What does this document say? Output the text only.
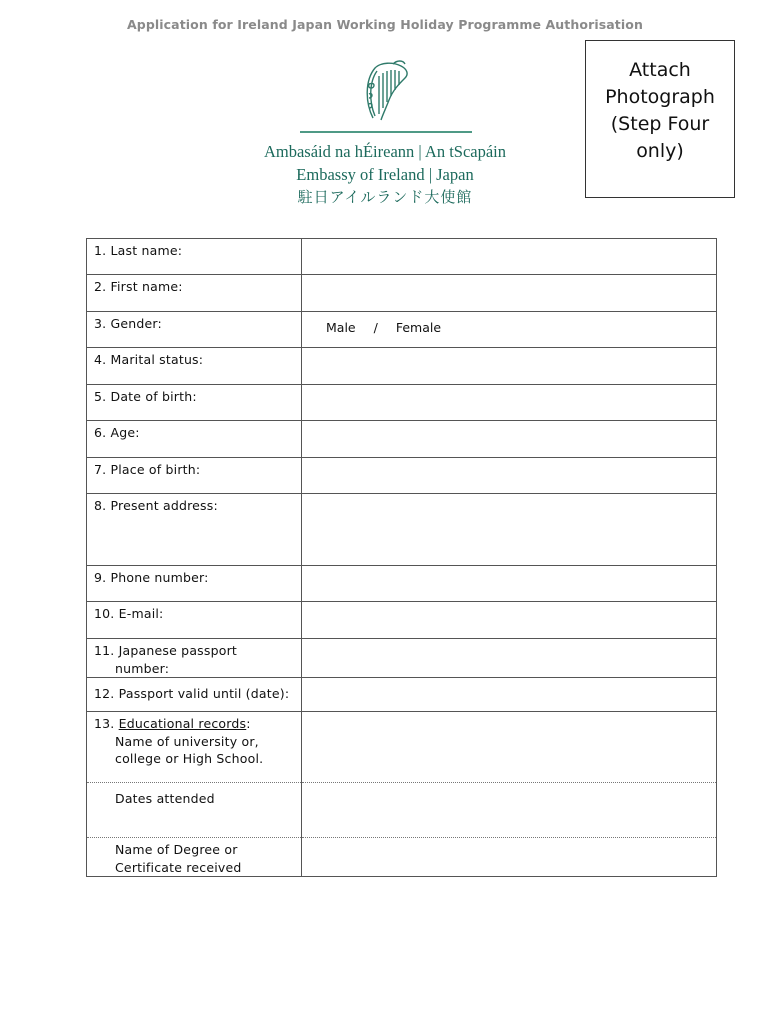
Application for Ireland Japan Working Holiday Programme Authorisation
Ambasáid na hÉireann | An tScapáin
Embassy of Ireland | Japan
駐日アイルランド大使館
Attach Photograph (Step Four only)
1. Last name:	

2. First name:	

3. Gender:	Male / Female

4. Marital status:	

5. Date of birth:	

6. Age:	

7. Place of birth:	

8. Present address:	

9. Phone number:	

10. E-mail:	

11. Japanese passport
number:	

12. Passport valid until (date):	

13. Educational records:
Name of university or,
college or High School.	

Dates attended	

Name of Degree or
Certificate received	
